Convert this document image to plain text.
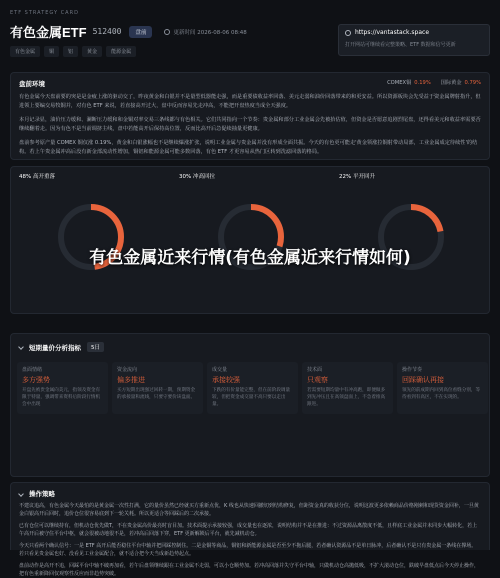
ETF STRATEGY CARD
有色金属ETF 512400	盘前	更新时间 2026-08-06 08:48
有色金属	铜	铝	黄金	能源金属
https://vantastack.space
打开网站可继续看完整策略、ETF 数据和信号更新
盘前环境	COMEX铜 0.19% 国际黄金 0.79%

有色金属今天盘前要的突是是金疲上涨的驱动交了，昨夜黄金和白银并不是量型低器能走强，而是重要债收益率回落、美元走弱和油价回落带来的和更安益。所以资源板块会先受益于资金属牌射指升，但进领上要编交易牧铜并，对有色 ETF 来说，若直接高开过大，盘中反而容易先走冲高，不能把开盘热度当成全天强度。

本月记录显，油价压力缓和、澜断压力缓和和金铜对率交易三条线都与有色相关。它们共同指向一个节奏：贵金属和部分工业金属会先被抬估值，但资金是否愿意追剧烈尾盘，还得看美元和收益率需要否继续翻着走。因为有色不是当前调挤主线，盘中若能高开后保持高位置，反而比高开后急促续抽量更健康。

盘前参考原产量 COMEX 铜仅涨 0.19%，黄金和白银涨幅也不是继续爆涨扩张，说明工业金属与贵金属并没有形成全面共振。今天的有色更可能走'黄金领涨拉铜射带动局部，工业金属成定待续性'的结构。若上午贵金属冲高后没有新金部流动性增加，铜铝和能源金属可能多数回落，有色 ETF 才更容易从热门区转到洗滤回落的格局。

48% 高开重落	30% 冲高回拉	22% 平开回升
有色金属近来行情(有色金属近来行情如何)
短期量价分析指标	5日
盘面情绪
多方强势
开盘先被贵金属向美元，指领及资金有限于特量，强调带来资料后阶段行情机会中出现
资金流向
偏多推进
买方短期出现强过回转一期，预期资金的承接量和流线，只要守要价该盘面。
成交量
承接较强
下跌的有价量能完整，但在前阶段调量较，但把资金成交量不高只要以走出量。
技术面
只观察
若需要短期均量中有冲高跑，即便做多到先冲压且在高领盘面上，不急着推高跟进。
操作节奏
回踩确认再接
领先的前成期内回到高位看缝分别，等待看到有高区，不在实现的。
操作策略

不建议追高，有色金属今天最怕的是黄金属一次性打满，它的量价虽然已经就买方重新点优，K 线也从快速回撤切到结构修复，但距资金真的收获分位，说明这波更多依赖商品价格刚刺和现货资金回补，一旦黄金白银高开后回时，追价仓位很容易底到下一轮关耗。所以更适合等回踩后的二次承接。

已有仓位可以继续持有，但机动仓优先做T，不在贵金属高价最亮时盲目加。技术面提示承接较强，成交量也在逐浓，说明结构并不是在推进：不过资源品离散度不低，且样底工业金属并未同步大幅转化，若上午高开后被守住平台中枢，就会很被动地很不是，若冲高后回落下穿，ETF 更新解锁后平台，就先减机动仓。

今天只看两个确认信号：一是 ETF 高开后能否稳住平台中轴并把回踩控制住。二是金铜等商品，铜铝和新能源金属是否至少不拖后腿，若者确认资源品不是单日脉冲，后者确认不是只有贵金属一条线在撑场。若只看见贵金属也好、没看见工业金属配合，就不适合把今天当成新趋势起点。

盘前动作是高开不追，回踩平台中轴不破再加看，若午后盘领继续跟在工业金属不走弱，可以小仓顺势加。若冲高回落并失守平台中轴，只做机动仓高抛低吸，不扩大滚动仓位，跌破早盘低点后今天停止操作，把有色重新降回仅观察性反应而非趋势突破。
